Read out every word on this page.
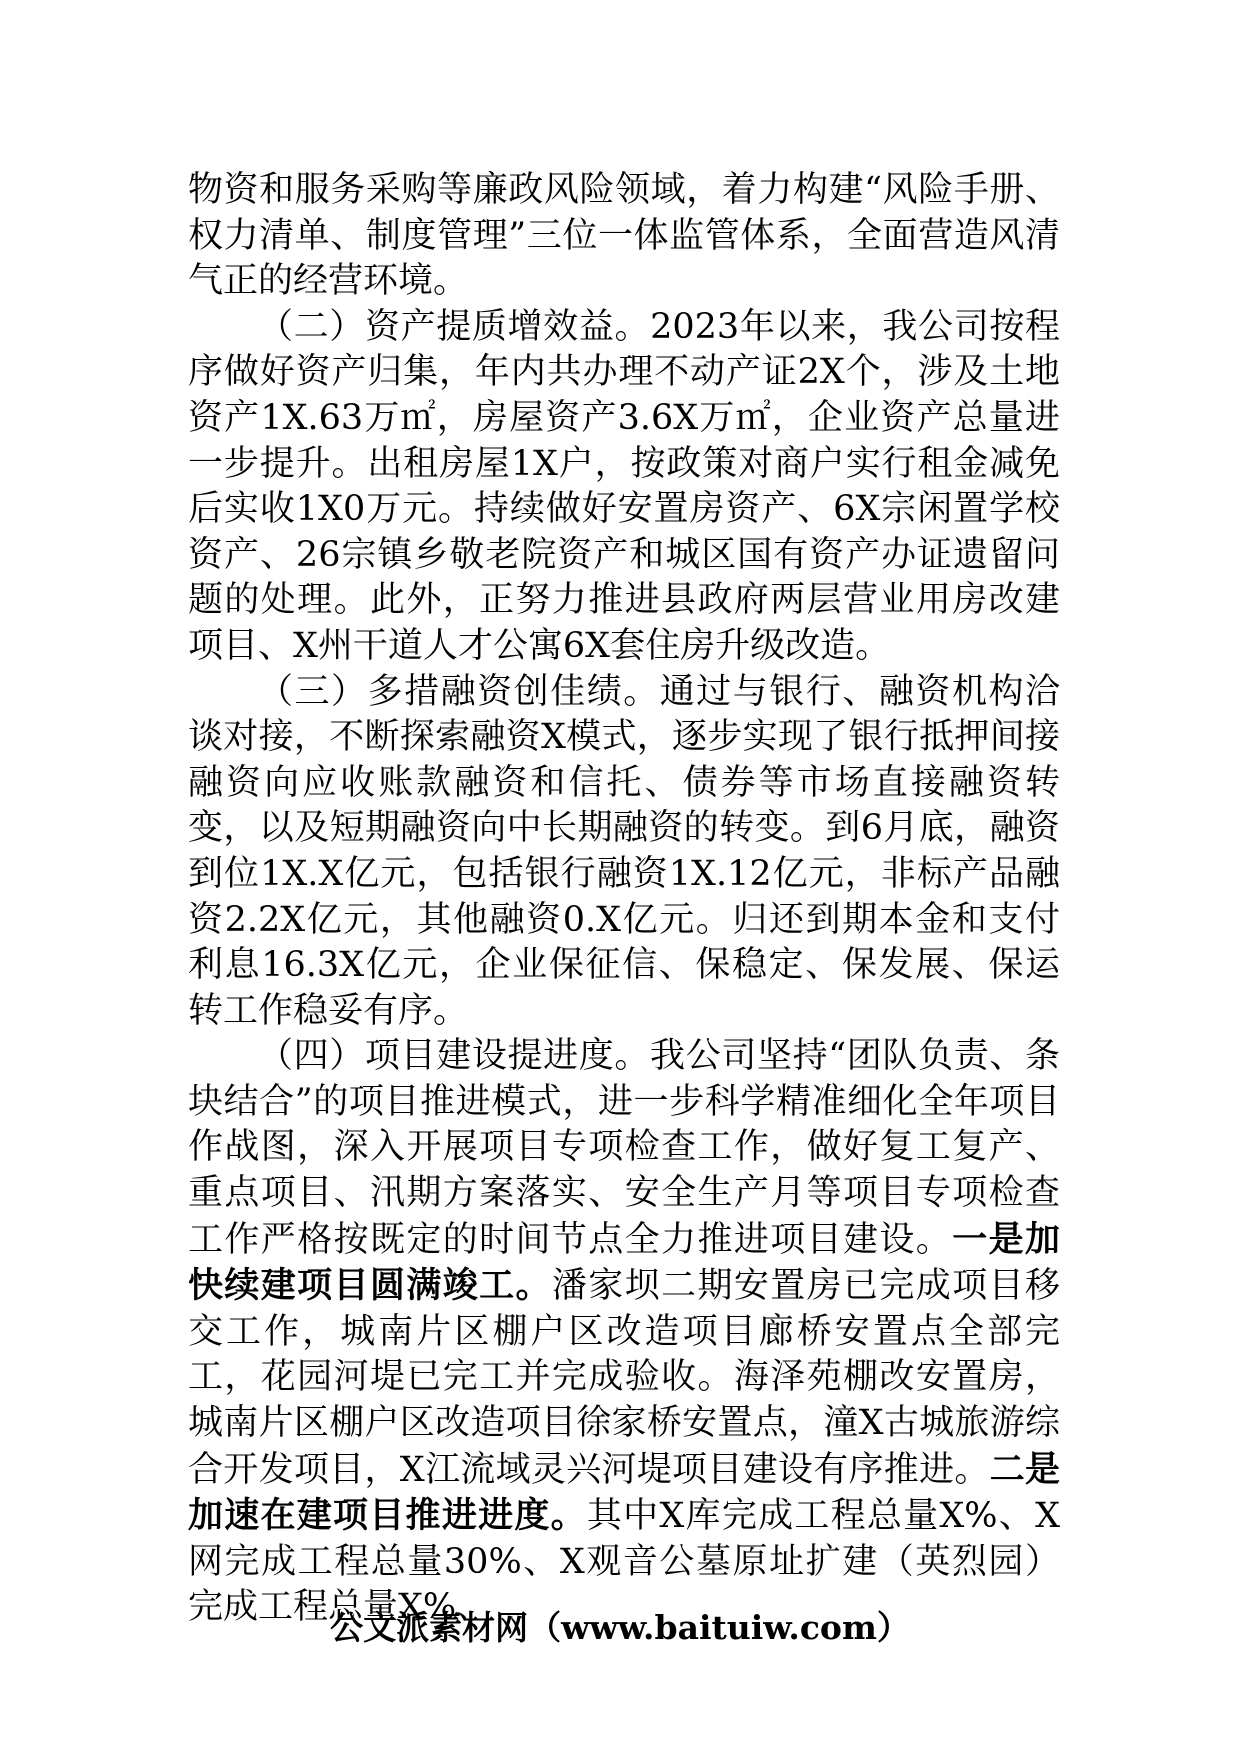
物资和服务采购等廉政风险领域，着力构建“风险手册、权力清单、制度管理”三位一体监管体系，全面营造风清气正的经营环境。

（二）资产提质增效益。2023年以来，我公司按程序做好资产归集，年内共办理不动产证2X个，涉及土地资产1X.63万㎡，房屋资产3.6X万㎡，企业资产总量进一步提升。出租房屋1X户，按政策对商户实行租金减免后实收1X0万元。持续做好安置房资产、6X宗闲置学校资产、26宗镇乡敬老院资产和城区国有资产办证遗留问题的处理。此外，正努力推进县政府两层营业用房改建项目、X州干道人才公寓6X套住房升级改造。

（三）多措融资创佳绩。通过与银行、融资机构洽谈对接，不断探索融资X模式，逐步实现了银行抵押间接融资向应收账款融资和信托、债券等市场直接融资转变，以及短期融资向中长期融资的转变。到6月底，融资到位1X.X亿元，包括银行融资1X.12亿元，非标产品融资2.2X亿元，其他融资0.X亿元。归还到期本金和支付利息16.3X亿元，企业保征信、保稳定、保发展、保运转工作稳妥有序。

（四）项目建设提进度。我公司坚持“团队负责、条块结合”的项目推进模式，进一步科学精准细化全年项目作战图，深入开展项目专项检查工作，做好复工复产、重点项目、汛期方案落实、安全生产月等项目专项检查工作严格按既定的时间节点全力推进项目建设。一是加快续建项目圆满竣工。潘家坝二期安置房已完成项目移交工作，城南片区棚户区改造项目廊桥安置点全部完工，花园河堤已完工并完成验收。海泽苑棚改安置房，城南片区棚户区改造项目徐家桥安置点，潼X古城旅游综合开发项目，X江流域灵兴河堤项目建设有序推进。二是加速在建项目推进进度。其中X库完成工程总量X%、X网完成工程总量30%、X观音公墓原址扩建（英烈园）完成工程总量X%、

公文派素材网（www.baituiw.com）
